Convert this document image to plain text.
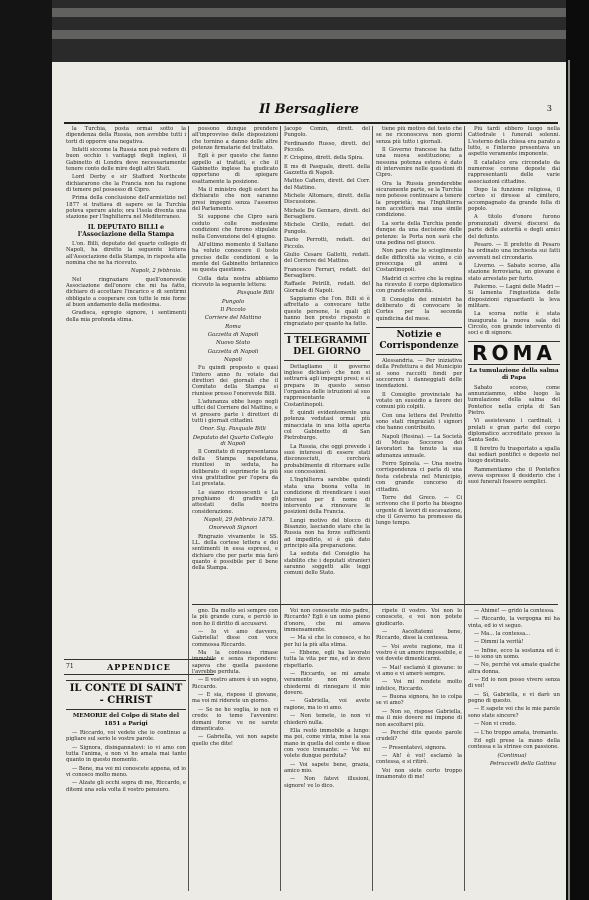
Il Bersagliere	3

la Turchia, posta ormai sotto la dipendenza della Russia, non avrebbe tutti i torti di opporre una negativa.

Infatti siccome la Russia non può vedere di buon occhio i vantaggi degli inglesi, il Gabinetto di Londra deve necessariamente tenere conto delle mire degli altri Stati.

Lord Derby e sir Stafford Northcote dichiararono che la Francia non ha ragione di temere pel possesso di Cipro.

Prima della conclusione dell'armistizio nel 1877 si trattava di sapere se la Turchia poteva sperare aiuto; ora l'isola diventa una stazione per l'Inghilterra nel Mediterraneo.

IL DEPUTATO BILLI e l'Associazione della Stampa

L'on. Billi, deputato del quarto collegio di Napoli, ha diretto la seguente lettera all'Associazione della Stampa, in risposta alla nomina che ne ha ricevuto.

Napoli, 2 febbraio.

Nel ringraziare quell'onorevole Associazione dell'onore che mi ha fatto, dichiaro di accettare l'incarico e di sentirmi obbligato a cooperare con tutte le mie forze al buon andamento della medesima.

Gradisca, egregio signore, i sentimenti della mia profonda stima.

71	APPENDICE
IL CONTE DI SAINT - CHRIST
MEMORIE del Colpo di Stato del 1851 a Parigi

— Riccardo, voi vedete che io continuo a pigliare sul serio le vostre parole.

— Signora, disingannatevi: io vi amo con tutta l'anima, e non vi ho amata mai tanto quanto in questo momento.

— Bene, ma voi mi conoscete appena, ed io vi conosco molto meno.

— Alzate gli occhi sopra di me, Riccardo, e ditemi una sola volta il vostro pensiero.

possono dunque prendere all'improvviso delle disposizioni che tornino a danno delle altre potenze firmatarie del trattato.

Egli è per questo che fanno appello ai trattati, e che il Gabinetto inglese ha giudicato opportuno di spiegare esattamente la posizione.

Ma il ministro degli esteri ha dichiarato che non saranno presi impegni senza l'assenso del Parlamento.

Si suppone che Cipro sarà ceduto colle medesime condizioni che furono stipulate nella Convenzione del 4 giugno.

All'ultimo momento il Sultano ha voluto conoscere il testo preciso delle condizioni e la mente del Gabinetto britannico su questa questione.

Colla data nostra abbiamo ricevuto la seguente lettera:

Pasquale Billi
Pungolo
Il Piccolo
Corriere del Mattino
Roma
Gazzetta di Napoli
Nuovo Stato
Gazzetta di Napoli
Napoli

Fu quindi proposto e quasi l'intero anno fu votato dai direttori dei giornali che il Comitato della Stampa si riunisse presso l'onorevole Billi.

L'adunanza ebbe luogo negli uffici del Corriere del Mattino, e vi presero parte i direttori di tutti i giornali cittadini.

Onor. Sig. Pasquale Billi
Deputato del Quarto Collegio di Napoli

Il Comitato di rappresentanza della Stampa napoletana, riunitosi in seduta, ha deliberato di esprimerle la più viva gratitudine per l'opera da Lei prestata.

Le siamo riconoscenti e La preghiamo di gradire gli attestati della nostra considerazione.

Napoli, 29 febbraio 1879.
Onorevoli Signori

Ringrazio vivamente le SS. LL. della cortese lettera e dei sentimenti in essa espressi, e dichiaro che per parte mia farò quanto è possibile per il bene della Stampa.

gno. Da molto sei sempre con la più grande cura, e perciò io non ho il diritto di accusarvi.

— Io vi amo davvero, Gabriella! disse con voce commossa Riccardo.

Ma la contessa rimase immobile e senza rispondere: sapeva che quella passione l'avrebbe perduta.

— Il vostro amore è un sogno, Riccardo.

— E sia, rispose il giovane, ma voi mi riderete un giorno.

— Se ne ho voglia, io non vi credo: io temo l'avvenire: domani forse ve ne sarete dimenticato.

— Gabriella, voi non sapete quello che dite!

Jacopo Comin, dirett. del Pungolo.

Ferdinando Russo, dirett. del Piccolo.

F. Crispino, dirett. della Spira.

Il ms di Pasquale, dirett. della Gazzetta di Napoli.

Matteo Cafiero, dirett. del Corr. del Mattino.

Michele Altomare, dirett. della Discussione.

Michele De Gennaro, dirett. del Bersagliere.

Michele Cirillo, redatt. del Pungolo.

Dario Perrotti, redatt. del Piccolo.

Giulio Cesare Gallotti, redatt. del Corriere del Mattino.

Francesco Ferrari, redatt. del Bersagliere.

Raffaele Petrilli, redatt. del Giornale di Napoli.

Sappiamo che l'on. Billi si è affrettato a convocare tutte queste persone, le quali gli hanno ben presto risposto e ringraziato per quanto ha fatto.

I TELEGRAMMI DEL GIORNO

Dettagliamo il governo inglese dichiarò che non si sottrarrà agli impegni presi; e si prepara in questo senso l'organica delle istruzioni al suo rappresentante a Costantinopoli.

È quindi evidentemente una potenza vedutasi ormai più minacciata in una lotta aperta col Gabinetto di San Pietroburgo.

La Russia, che oggi prevede i suoi interessi di essere stati disconosciuti, cercherà probabilmente di ritornare sulle sue concessioni.

L'Inghilterra sarebbe quindi stata una buona volta in condizione di rivendicare i suoi interessi per il nome di intervento a rinnovare le posizioni della Francia.

Lungi motivo del blocco di Bisanzio, lasciando stare che la Russia non ha forze sufficienti ad impedirlo, si è già dato principio alla preparazione.

La seduta del Consiglio ha stabilito che i deputati stranieri saranno soggetti alle leggi comuni dello Stato.

Voi non conoscete mio padre, Riccardo? Egli è un uomo pieno d'onore, che mi amava immensamente.

— Ma sì che lo conosco, e ho per lui la più alta stima.

— Ebbene, egli ha lavorato tutta la vita per me, ed io devo rispettarlo.

— Riccardo, se mi amate veramente non dovete chiedermi di rinnegare il mio dovere.

— Gabriella, voi avete ragione, ma io vi amo.

— Non temete, io non vi chiederò nulla.

Ella restò immobile a lungo: ma poi, come vinta, mise la sua mano in quella del conte e disse con voce tremante: — Voi mi volete dunque perduta?

— Voi sapete bene, grazia, amico mio.

— Non fatevi illusioni, signore! ve lo dico.

tiene più motivo del testo che se ne riconosceva non giorni senza più tutto i giornali.

Il Governo francese ha fatto una nuova sostituzione; a nessuna potenza estera è dato di intervenire nelle questioni di Cipro.

Ora la Russia prenderebbe sicuramente parte, se la Turchia non potesse continuare a tenere la proprietà; ma l'Inghilterra non accetterà mai una simile condizione.

La sorte della Turchia pende dunque da una decisione delle potenze: la Porta non sarà che una pedina nel giuoco.

Non pare che lo scioglimento delle difficoltà sia vicino, e ciò preoccupa gli animi a Costantinopoli.

Madrid ci scrive che la regina ha ricevuto il corpo diplomatico con grande solennità.

Il Consiglio dei ministri ha deliberato di convocare le Cortes per la seconda quindicina del mese.

Notizie e Corrispondenze

Alessandria. — Per iniziativa della Prefettura e del Municipio si sono raccolti fondi per soccorrere i danneggiati delle inondazioni.

Il Consiglio provinciale ha votato un sussidio a favore dei comuni più colpiti.

Con una lettera del Prefetto sono stati ringraziati i signori che hanno contribuito.

Napoli (Resina). — La Società di Mutuo Soccorso dei lavoratori ha tenuto la sua adunanza annuale.

Ferro Spinola. — Una nostra corrispondenza ci parla di una festa celebrata nel Municipio, con grande concorso di cittadini.

Torre del Greco. — Ci scrivono che il porto ha bisogno urgente di lavori di escavazione, che il Governo ha promesso da lungo tempo.

ripete il vostro. Voi non lo conoscete, e voi non potete giudicarlo.

— Ascoltatemi bene, Riccardo, disse la contessa.

— Voi avete ragione, ma il vostro è un amore impossibile, e voi dovete dimenticarmi.

— Mai! esclamò il giovane: io vi amo e vi amerò sempre.

— Voi mi rendete molto infelice, Riccardo.

— Buona signora, ho io colpa se vi amo?

— Non so, rispose Gabriella, ma il mio dovere mi impone di non ascoltarvi più.

— Perché dite queste parole crudeli?

— Presentatevi, signora.

— Ah! è voi! esclamò la contessa, e si ritirò.

Voi non siete certo troppo innamorato di me!

Più tardi ebbero luogo nella Cattedrale i funerali solenni. L'esterno della chiesa era parato a lutto, e l'interno presentava un aspetto veramente imponente.

Il catafalco era circondato da numerose corone deposte dai rappresentanti delle varie associazioni cittadine.

Dopo la funzione religiosa, il corteo si diresse al cimitero, accompagnato da grande folla di popolo.

A titolo d'onore furono pronunziati diversi discorsi da parte delle autorità e degli amici del defunto.

Pesaro. — Il prefetto di Pesaro ha ordinato una inchiesta sui fatti avvenuti nel circondario.

Livorno. — Sabato scorso, alla stazione ferroviaria, un giovane è stato arrestato per furto.

Palermo. — Lagni delle Madri — Si lamenta l'ingiustizia delle disposizioni riguardanti la leva militare.

La scorsa notte è stata inaugurata la nuova sala del Circolo, con grande intervento di soci e di signore.

ROMA
La tumulazione della salma di Papa

Sabato scorso, come annunziammo, ebbe luogo la tumulazione della salma del Pontefice nella cripta di San Pietro.

Vi assistevano i cardinali, i prelati e gran parte del corpo diplomatico accreditato presso la Santa Sede.

Il feretro fu trasportato a spalla dai sediari pontifici e deposto nel luogo destinato.

Rammentiamo che il Pontefice aveva espresso il desiderio che i suoi funerali fossero semplici.

— Ahimè! — gridò la contessa.

— Riccardo, la vergogna mi ha vinta, ed io vi seguo.

— Ma... la contessa...

— Dimmi la verità!

— Infine, ecco la sostanza ed è: — io sono un uomo.

— No, perché voi amate qualche altra donna.

— Ed io non posso vivere senza di voi!

— Sì, Gabriella, e vi darò un pegno di questo.

— E sapete voi che le mie parole sono state sincere?

— Non vi credo.

— L'ho troppo amata, tremante.

Ed egli prese la mano della contessa e la strinse con passione.

(Continua)
Petruccelli della Gattina
